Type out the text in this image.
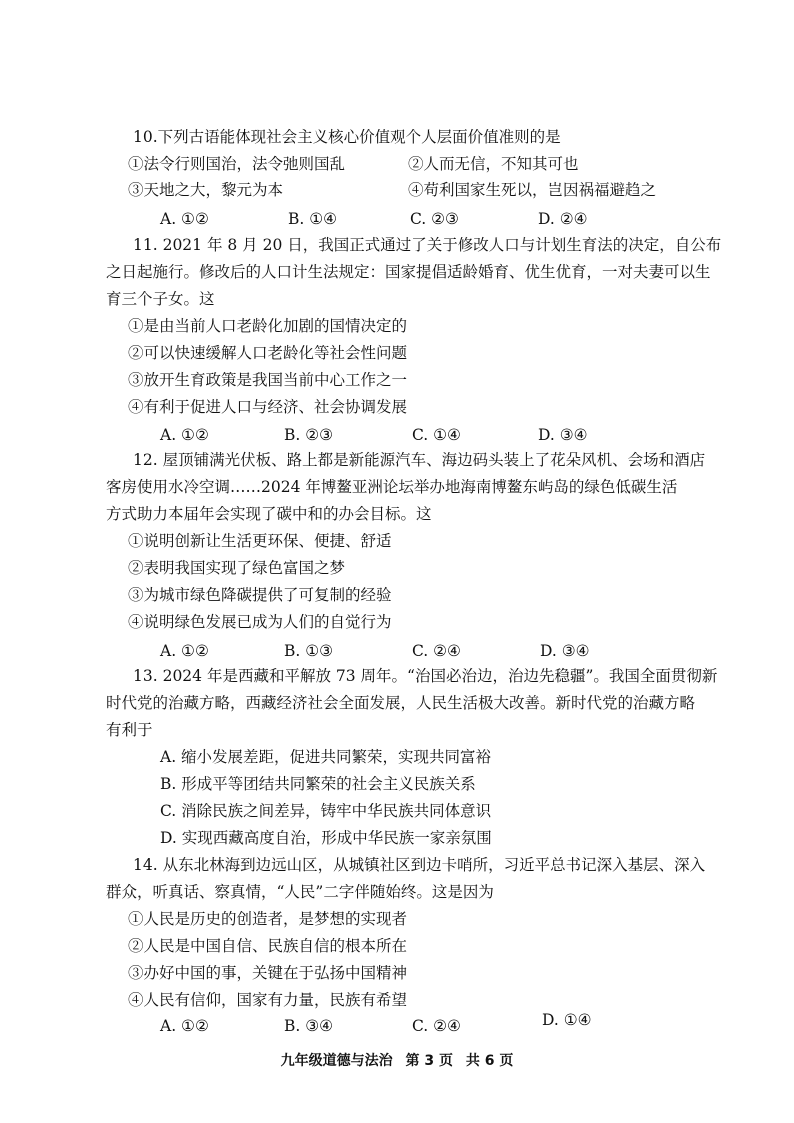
10.下列古语能体现社会主义核心价值观个人层面价值准则的是
①法令行则国治，法令弛则国乱	②人而无信，不知其可也
③天地之大，黎元为本	④苟利国家生死以，岂因祸福避趋之
A. ①②	B. ①④	C. ②③	D. ②④
11. 2021 年 8 月 20 日，我国正式通过了关于修改人口与计划生育法的决定，自公布
之日起施行。修改后的人口计生法规定：国家提倡适龄婚育、优生优育，一对夫妻可以生
育三个子女。这
①是由当前人口老龄化加剧的国情决定的
②可以快速缓解人口老龄化等社会性问题
③放开生育政策是我国当前中心工作之一
④有利于促进人口与经济、社会协调发展
A. ①②	B. ②③	C. ①④	D. ③④
12. 屋顶铺满光伏板、路上都是新能源汽车、海边码头装上了花朵风机、会场和酒店
客房使用水冷空调……2024 年博鳌亚洲论坛举办地海南博鳌东屿岛的绿色低碳生活
方式助力本届年会实现了碳中和的办会目标。这
①说明创新让生活更环保、便捷、舒适
②表明我国实现了绿色富国之梦
③为城市绿色降碳提供了可复制的经验
④说明绿色发展已成为人们的自觉行为
A. ①②	B. ①③	C. ②④	D. ③④
13. 2024 年是西藏和平解放 73 周年。“治国必治边，治边先稳疆”。我国全面贯彻新
时代党的治藏方略，西藏经济社会全面发展，人民生活极大改善。新时代党的治藏方略
有利于
A. 缩小发展差距，促进共同繁荣，实现共同富裕
B. 形成平等团结共同繁荣的社会主义民族关系
C. 消除民族之间差异，铸牢中华民族共同体意识
D. 实现西藏高度自治，形成中华民族一家亲氛围
14. 从东北林海到边远山区，从城镇社区到边卡哨所，习近平总书记深入基层、深入
群众，听真话、察真情，“人民”二字伴随始终。这是因为
①人民是历史的创造者，是梦想的实现者
②人民是中国自信、民族自信的根本所在
③办好中国的事，关键在于弘扬中国精神
④人民有信仰，国家有力量，民族有希望
A. ①②	B. ③④	C. ②④	D. ①④
九年级道德与法治 第 3 页 共 6 页
